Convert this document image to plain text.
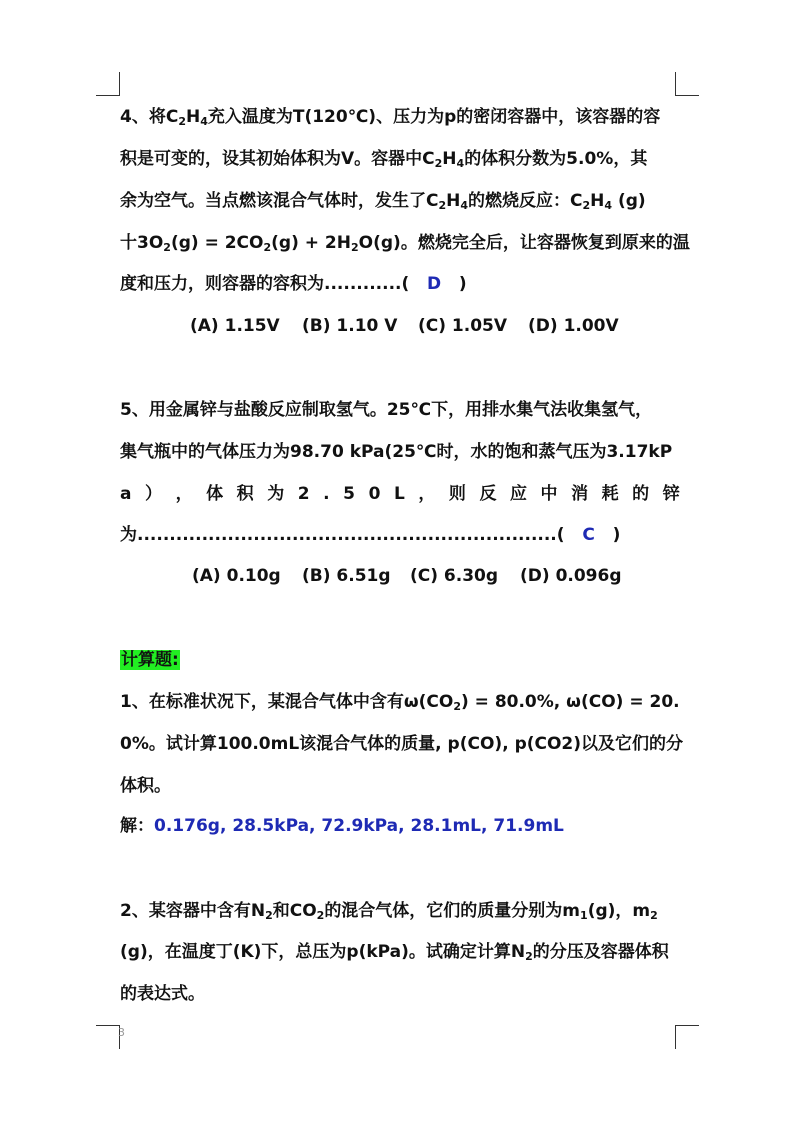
4、将$C_2H_4$充入温度为T(120℃)、压力为p的密闭容器中，该容器的容
积是可变的，设其初始体积为V。容器中$C_2H_4$的体积分数为5.0%，其
余为空气。当点燃该混合气体时，发生了$C_2H_4$的燃烧反应：$C_2H_4$ (g)
十$3O_2(g) = 2CO_2(g) + 2H_2O(g)$。燃烧完全后，让容器恢复到原来的温
度和压力，则容器的容积为............( D )
(A) 1.15V (B) 1.10 V (C) 1.05V (D) 1.00V
5、用金属锌与盐酸反应制取氢气。25℃下，用排水集气法收集氢气，
集气瓶中的气体压力为98.70 kPa(25℃时，水的饱和蒸气压为3.17kP
a ） ， 体 积 为 2 . 5 0 L ， 则 反 应 中 消 耗 的 锌
为.................................................................( C )
(A) 0.10g (B) 6.51g (C) 6.30g (D) 0.096g
计算题:
1、在标准状况下，某混合气体中含有$\omega(CO_2) = 80.0\%$, ω(CO) = 20.
0%。试计算100.0mL该混合气体的质量, p(CO), p(CO2)以及它们的分
体积。
解：0.176g, 28.5kPa, 72.9kPa, 28.1mL, 71.9mL
2、某容器中含有$N_2$和$CO_2$的混合气体，它们的质量分别为$m_1(g)$，$m_2$
(g)，在温度丁(K)下，总压为p(kPa)。试确定计算$N_2$的分压及容器体积
的表达式。
3
